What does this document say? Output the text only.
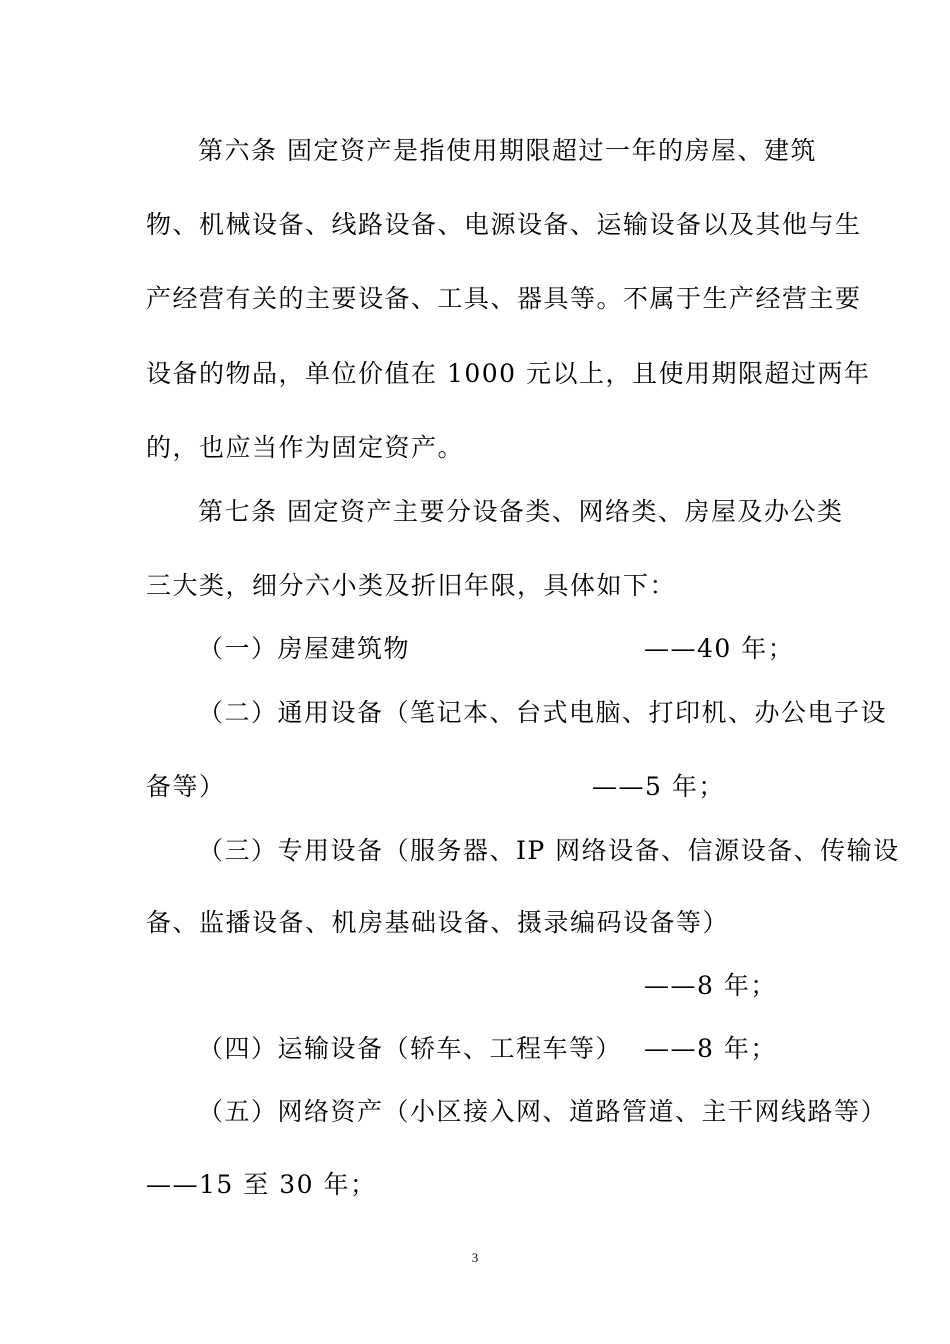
第六条 固定资产是指使用期限超过一年的房屋、建筑
物、机械设备、线路设备、电源设备、运输设备以及其他与生
产经营有关的主要设备、工具、器具等。不属于生产经营主要
设备的物品，单位价值在 1000 元以上，且使用期限超过两年
的，也应当作为固定资产。
第七条 固定资产主要分设备类、网络类、房屋及办公类
三大类，细分六小类及折旧年限，具体如下：
（一）房屋建筑物	——40 年；
（二）通用设备（笔记本、台式电脑、打印机、办公电子设
备等）	——5 年；
（三）专用设备（服务器、IP 网络设备、信源设备、传输设
备、监播设备、机房基础设备、摄录编码设备等）
——8 年；
（四）运输设备（轿车、工程车等） ——8 年；
（五）网络资产（小区接入网、道路管道、主干网线路等）
——15 至 30 年；
3
